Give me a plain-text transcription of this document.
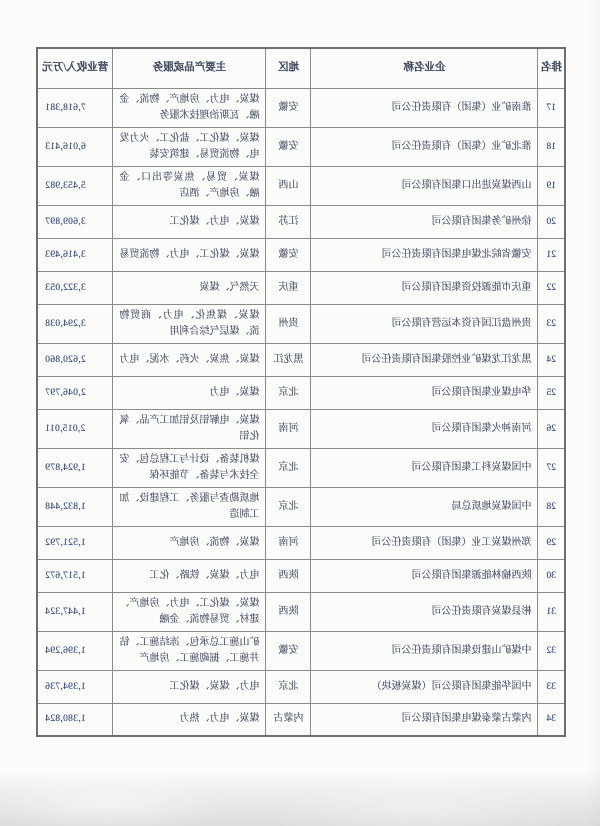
排名	企业名称	地区	主要产品或服务	营业收入/万元
17	淮南矿业（集团）有限责任公司	安徽	煤炭、电力、房地产、物流、金融、瓦斯治理技术服务	7,618,381
18	淮北矿业（集团）有限责任公司	安徽	煤炭、煤化工、盐化工、火力发电、物流贸易、建筑安装	6,016,413
19	山西煤炭进出口集团有限公司	山西	煤炭、贸易、焦炭等出口、金融、房地产、酒店	5,453,982
20	徐州矿务集团有限公司	江苏	煤炭、电力、煤化工	3,609,897
21	安徽省皖北煤电集团有限责任公司	安徽	煤炭、煤化工、电力、物流贸易	3,416,493
22	重庆市能源投资集团有限公司	重庆	天然气、煤炭	3,322,053
23	贵州盘江国有资本运营有限公司	贵州	煤炭、煤焦化、电力、商贸物流、煤层气综合利用	3,294,038
24	黑龙江龙煤矿业控股集团有限责任公司	黑龙江	煤炭、焦炭、火药、水泥、电力	2,620,860
25	华电煤业集团有限公司	北京	煤炭、电力	2,046,797
26	河南神火集团有限公司	河南	煤炭、电解铝及铝加工产品、氧化铝	2,015,011
27	中国煤炭科工集团有限公司	北京	煤机装备、设计与工程总包、安全技术与装备、节能环保	1,924,879
28	中国煤炭地质总局	北京	地质勘查与服务、工程建设、加工制造	1,832,448
29	郑州煤炭工业（集团）有限责任公司	河南	煤炭、物流、房地产	1,521,792
30	陕西榆林能源集团有限公司	陕西	电力、煤炭、铁路、化工	1,517,672
31	彬县煤炭有限责任公司	陕西	煤炭、煤化工、电力、房地产、建材、贸易物流、金融	1,447,324
32	中煤矿山建设集团有限责任公司	安徽	矿山施工总承包、冻结施工、钻井施工、掘砌施工、房地产	1,396,294
33	中国华能集团有限公司（煤炭板块）	北京	电力、煤炭、煤化工	1,394,736
34	内蒙古蒙泰煤电集团有限公司	内蒙古	煤炭、电力、热力	1,380,824
